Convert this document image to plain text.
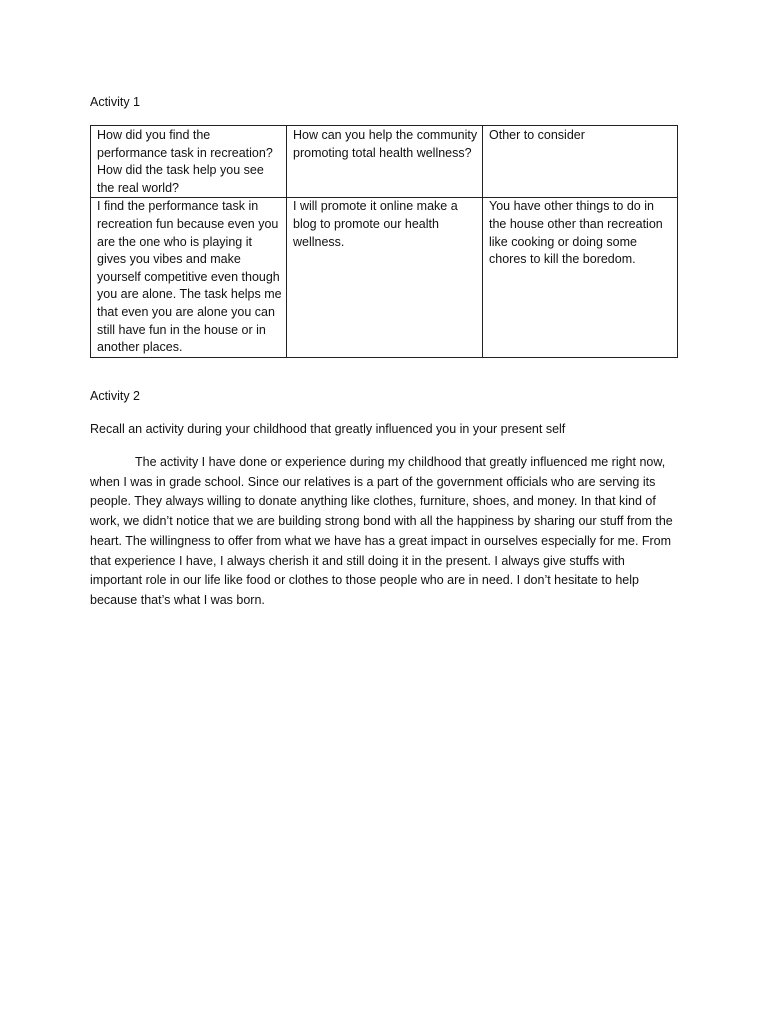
Activity 1
How did you find the performance task in recreation? How did the task help you see the real world?	How can you help the community promoting total health wellness?	Other to consider
I find the performance task in recreation fun because even you are the one who is playing it gives you vibes and make yourself competitive even though you are alone. The task helps me that even you are alone you can still have fun in the house or in another places.	I will promote it online make a blog to promote our health wellness.	You have other things to do in the house other than recreation like cooking or doing some chores to kill the boredom.
Activity 2
Recall an activity during your childhood that greatly influenced you in your present self

The activity I have done or experience during my childhood that greatly influenced me right now, when I was in grade school. Since our relatives is a part of the government officials who are serving its people. They always willing to donate anything like clothes, furniture, shoes, and money. In that kind of work, we didn’t notice that we are building strong bond with all the happiness by sharing our stuff from the heart. The willingness to offer from what we have has a great impact in ourselves especially for me. From that experience I have, I always cherish it and still doing it in the present. I always give stuffs with important role in our life like food or clothes to those people who are in need. I don’t hesitate to help because that’s what I was born.
